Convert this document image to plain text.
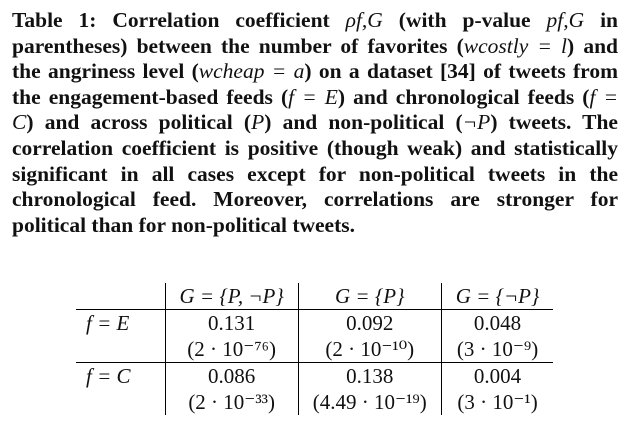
Table 1: Correlation coefficient ρf,G (with p-value pf,G in parentheses) between the number of favorites (wcostly = l) and the angriness level (wcheap = a) on a dataset [34] of tweets from the engagement-based feeds (f = E) and chronological feeds (f = C) and across political (P) and non-political (¬P) tweets. The correlation coefficient is positive (though weak) and statistically significant in all cases except for non-political tweets in the chronological feed. Moreover, correlations are stronger for political than for non-political tweets.
	G = {P, ¬P}	G = {P}	G = {¬P}
f = E	0.131	0.092	0.048
	(2 · 10⁻⁷⁶)	(2 · 10⁻¹⁰)	(3 · 10⁻⁹)
f = C	0.086	0.138	0.004
	(2 · 10⁻³³)	(4.49 · 10⁻¹⁹)	(3 · 10⁻¹)
